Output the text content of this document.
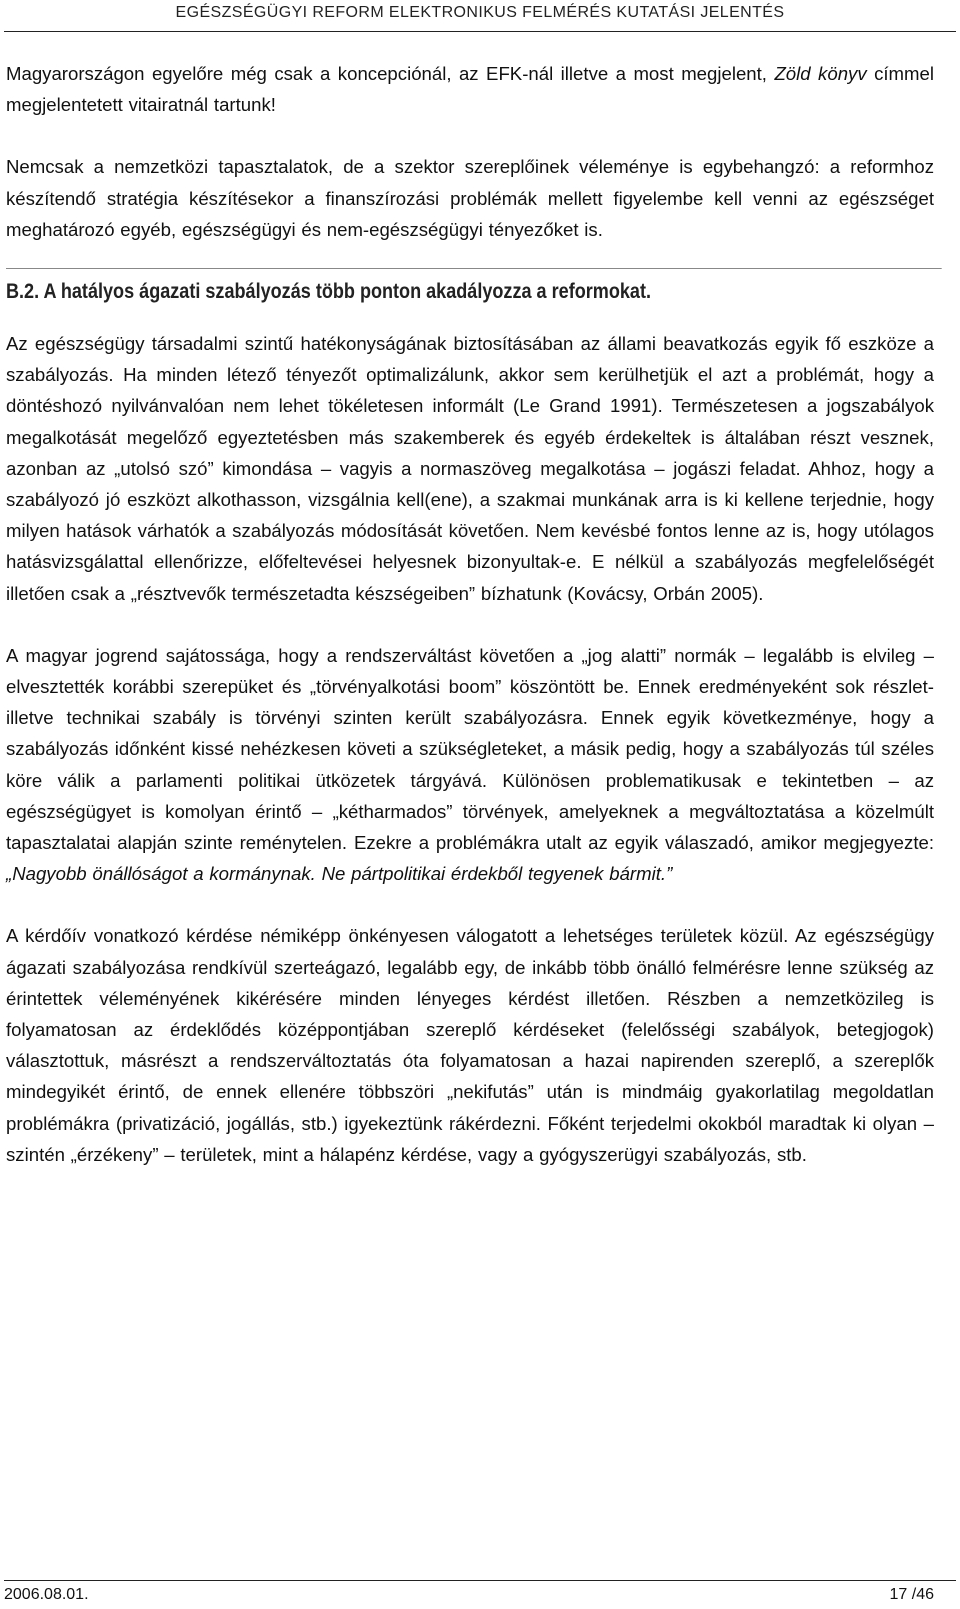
EGÉSZSÉGÜGYI REFORM ELEKTRONIKUS FELMÉRÉS KUTATÁSI JELENTÉS

Magyarországon egyelőre még csak a koncepciónál, az EFK-nál illetve a most megjelent, Zöld könyv címmel megjelentetett vitairatnál tartunk!

Nemcsak a nemzetközi tapasztalatok, de a szektor szereplőinek véleménye is egybehangzó: a reformhoz készítendő stratégia készítésekor a finanszírozási problémák mellett figyelembe kell venni az egészséget meghatározó egyéb, egészségügyi és nem-egészségügyi tényezőket is.

B.2. A hatályos ágazati szabályozás több ponton akadályozza a reformokat.

Az egészségügy társadalmi szintű hatékonyságának biztosításában az állami beavatkozás egyik fő eszköze a szabályozás. Ha minden létező tényezőt optimalizálunk, akkor sem kerülhetjük el azt a problémát, hogy a döntéshozó nyilvánvalóan nem lehet tökéletesen informált (Le Grand 1991). Természetesen a jogszabályok megalkotását megelőző egyeztetésben más szakemberek és egyéb érdekeltek is általában részt vesznek, azonban az „utolsó szó” kimondása – vagyis a normaszöveg megalkotása – jogászi feladat. Ahhoz, hogy a szabályozó jó eszközt alkothasson, vizsgálnia kell(ene), a szakmai munkának arra is ki kellene terjednie, hogy milyen hatások várhatók a szabályozás módosítását követően. Nem kevésbé fontos lenne az is, hogy utólagos hatásvizsgálattal ellenőrizze, előfeltevései helyesnek bizonyultak-e. E nélkül a szabályozás megfelelőségét illetően csak a „résztvevők természetadta készségeiben” bízhatunk (Kovácsy, Orbán 2005).

A magyar jogrend sajátossága, hogy a rendszerváltást követően a „jog alatti” normák – legalább is elvileg – elvesztették korábbi szerepüket és „törvényalkotási boom” köszöntött be. Ennek eredményeként sok részlet- illetve technikai szabály is törvényi szinten került szabályozásra. Ennek egyik következménye, hogy a szabályozás időnként kissé nehézkesen követi a szükségleteket, a másik pedig, hogy a szabályozás túl széles köre válik a parlamenti politikai ütközetek tárgyává. Különösen problematikusak e tekintetben – az egészségügyet is komolyan érintő – „kétharmados” törvények, amelyeknek a megváltoztatása a közelmúlt tapasztalatai alapján szinte reménytelen. Ezekre a problémákra utalt az egyik válaszadó, amikor megjegyezte: „Nagyobb önállóságot a kormánynak. Ne pártpolitikai érdekből tegyenek bármit.”

A kérdőív vonatkozó kérdése némiképp önkényesen válogatott a lehetséges területek közül. Az egészségügy ágazati szabályozása rendkívül szerteágazó, legalább egy, de inkább több önálló felmérésre lenne szükség az érintettek véleményének kikérésére minden lényeges kérdést illetően. Részben a nemzetközileg is folyamatosan az érdeklődés középpontjában szereplő kérdéseket (felelősségi szabályok, betegjogok) választottuk, másrészt a rendszerváltoztatás óta folyamatosan a hazai napirenden szereplő, a szereplők mindegyikét érintő, de ennek ellenére többszöri „nekifutás” után is mindmáig gyakorlatilag megoldatlan problémákra (privatizáció, jogállás, stb.) igyekeztünk rákérdezni. Főként terjedelmi okokból maradtak ki olyan – szintén „érzékeny” – területek, mint a hálapénz kérdése, vagy a gyógyszerügyi szabályozás, stb.

2006.08.01.	17 /46
